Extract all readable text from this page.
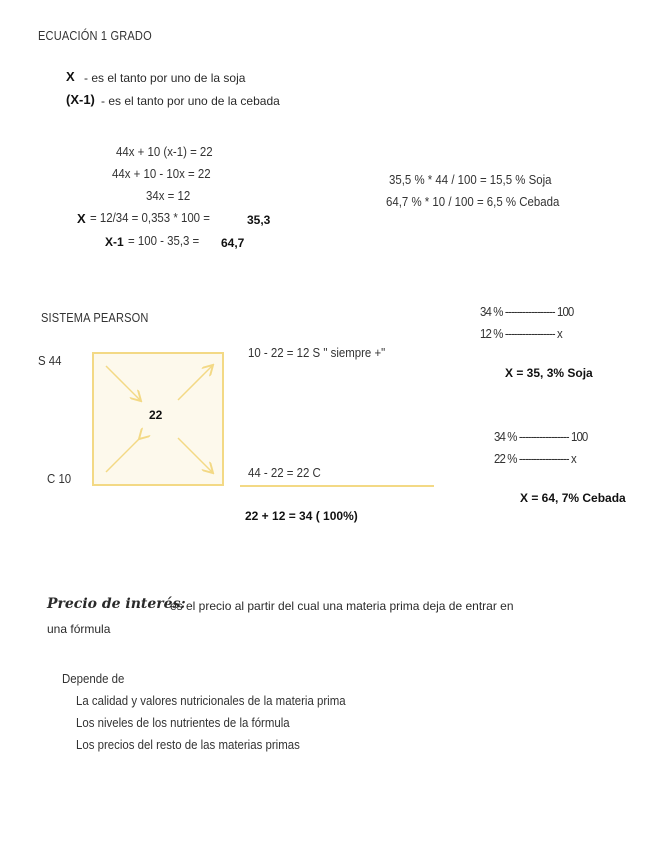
ECUACIÓN 1 GRADO
X - es el tanto por uno de la soja
(X-1) - es el tanto por uno de la cebada
44x + 10 (x-1) = 22
44x + 10 - 10x = 22
34x = 12
X = 12/34 = 0,353 * 100 =	35,3
X-1 = 100 - 35,3 = 64,7
35,5 % * 44 / 100 = 15,5 % Soja
64,7 % * 10 / 100 = 6,5 % Cebada
SISTEMA PEARSON
S 44
C 10
22
10 - 22 = 12 S " siempre +"
44 - 22 = 22 C
22 + 12 = 34 ( 100%)
34 % ----------------- 100
12 % ----------------- x
X = 35, 3% Soja
34 % ----------------- 100
22 % ----------------- x
X = 64, 7% Cebada
Precio de interés:
es el precio al partir del cual una materia prima deja de entrar en
una fórmula
Depende de
La calidad y valores nutricionales de la materia prima
Los niveles de los nutrientes de la fórmula
Los precios del resto de las materias primas
